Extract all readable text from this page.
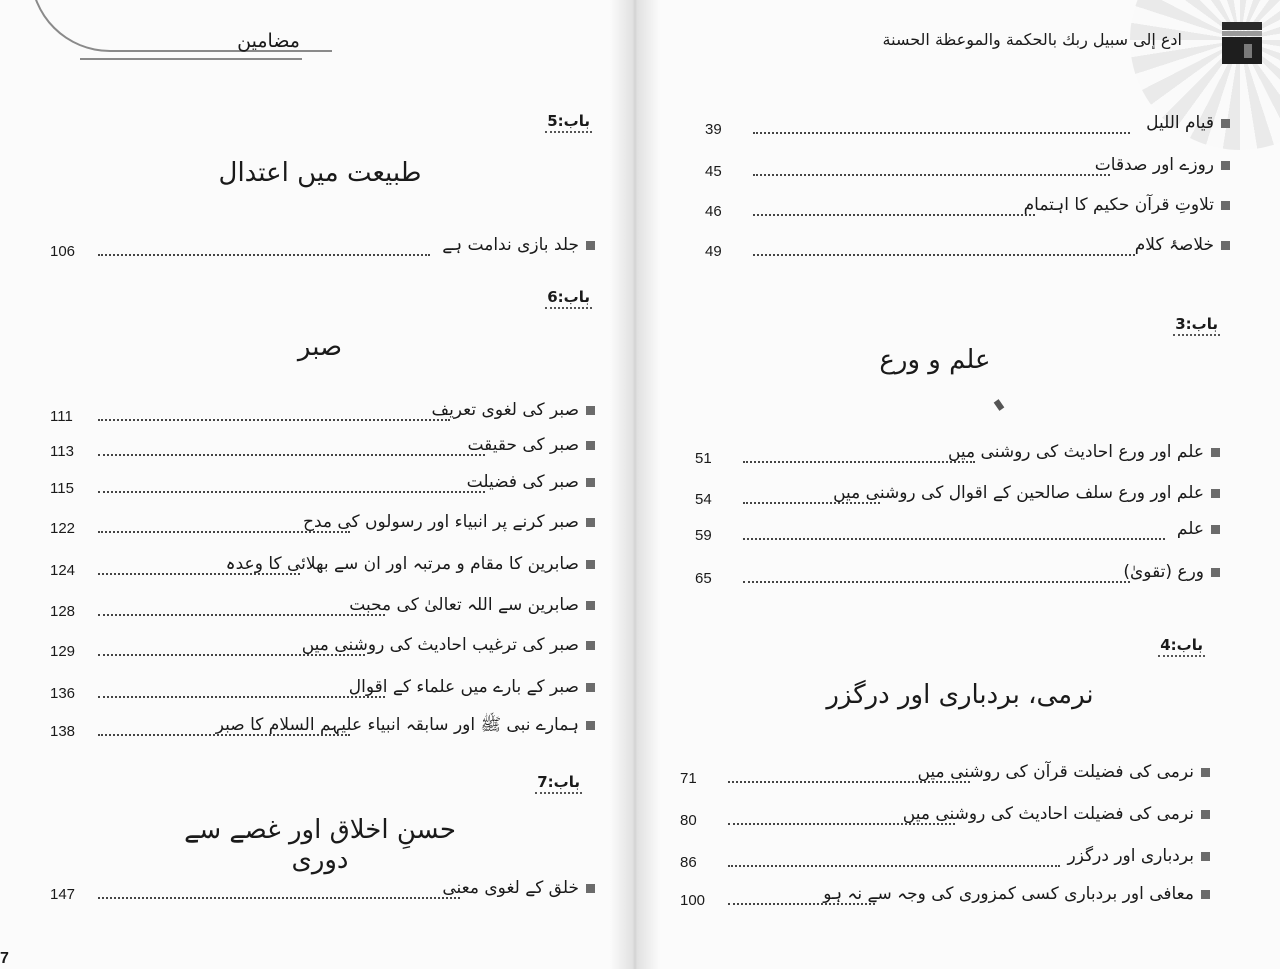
مضامین
باب:5
طبیعت میں اعتدال
جلد بازی ندامت ہے
106
باب:6
صبر
صبر کی لغوی تعریف
111
صبر کی حقیقت
113
صبر کی فضیلت
115
صبر کرنے پر انبیاء اور رسولوں کی مدح
122
صابرین کا مقام و مرتبہ اور ان سے بھلائی کا وعدہ
124
صابرین سے اللہ تعالیٰ کی محبت
128
صبر کی ترغیب احادیث کی روشنی میں
129
صبر کے بارے میں علماء کے اقوال
136
ہمارے نبی ﷺ اور سابقہ انبیاء علیہم السلام کا صبر
138
باب:7
حسنِ اخلاق اور غصے سے دوری
خلق کے لغوی معنی
147
7
ادع إلی سبیل ربك بالحكمة والموعظة الحسنة
قیام اللیل
39
روزے اور صدقات
45
تلاوتِ قرآن حکیم کا اہتمام
46
خلاصۂ کلام
49
باب:3
علم و ورع
علم اور ورع احادیث کی روشنی میں
51
علم اور ورع سلف صالحین کے اقوال کی روشنی میں
54
علم
59
ورع (تقویٰ)
65
باب:4
نرمی، بردباری اور درگزر
نرمی کی فضیلت قرآن کی روشنی میں
71
نرمی کی فضیلت احادیث کی روشنی میں
80
بردباری اور درگزر
86
معافی اور بردباری کسی کمزوری کی وجہ سے نہ ہو
100
